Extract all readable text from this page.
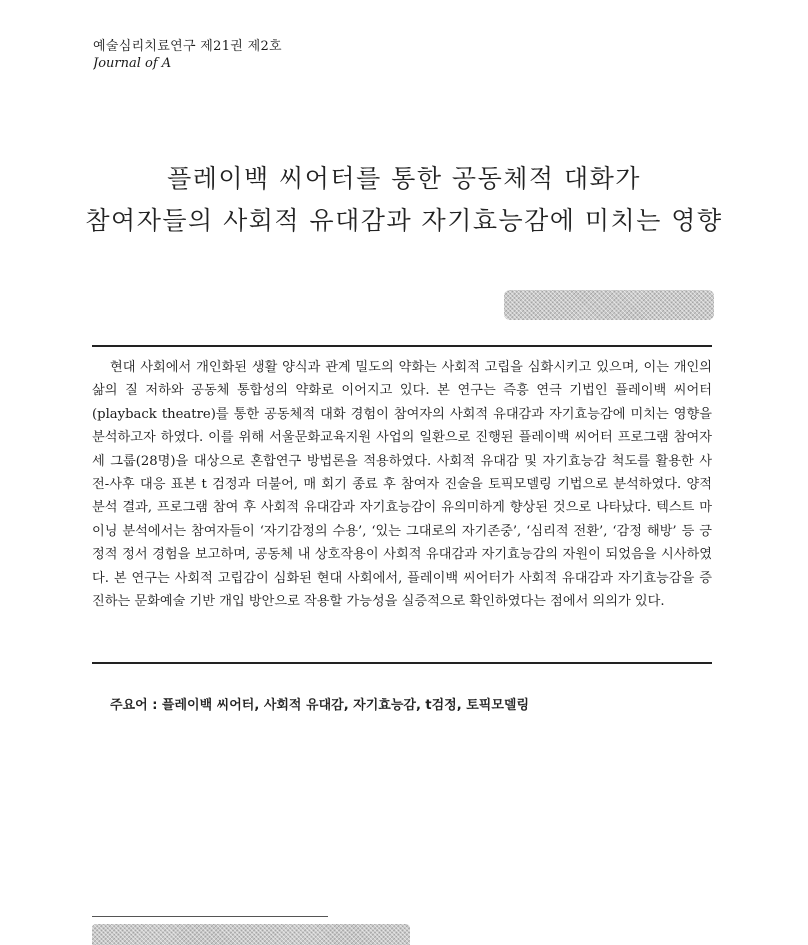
예술심리치료연구 제21권 제2호
Journal of A
플레이백 씨어터를 통한 공동체적 대화가
참여자들의 사회적 유대감과 자기효능감에 미치는 영향

현대 사회에서 개인화된 생활 양식과 관계 밀도의 약화는 사회적 고립을 심화시키고 있으며, 이는 개인의 삶의 질 저하와 공동체 통합성의 약화로 이어지고 있다. 본 연구는 즉흥 연극 기법인 플레이백 씨어터(playback theatre)를 통한 공동체적 대화 경험이 참여자의 사회적 유대감과 자기효능감에 미치는 영향을 분석하고자 하였다. 이를 위해 서울문화교육지원 사업의 일환으로 진행된 플레이백 씨어터 프로그램 참여자 세 그룹(28명)을 대상으로 혼합연구 방법론을 적용하였다. 사회적 유대감 및 자기효능감 척도를 활용한 사전-사후 대응 표본 t 검정과 더불어, 매 회기 종료 후 참여자 진술을 토픽모델링 기법으로 분석하였다. 양적 분석 결과, 프로그램 참여 후 사회적 유대감과 자기효능감이 유의미하게 향상된 것으로 나타났다. 텍스트 마이닝 분석에서는 참여자들이 ‘자기감정의 수용’, ‘있는 그대로의 자기존중’, ‘심리적 전환’, ‘감정 해방’ 등 긍정적 정서 경험을 보고하며, 공동체 내 상호작용이 사회적 유대감과 자기효능감의 자원이 되었음을 시사하였다. 본 연구는 사회적 고립감이 심화된 현대 사회에서, 플레이백 씨어터가 사회적 유대감과 자기효능감을 증진하는 문화예술 기반 개입 방안으로 작용할 가능성을 실증적으로 확인하였다는 점에서 의의가 있다.

주요어 : 플레이백 씨어터, 사회적 유대감, 자기효능감, t검정, 토픽모델링
